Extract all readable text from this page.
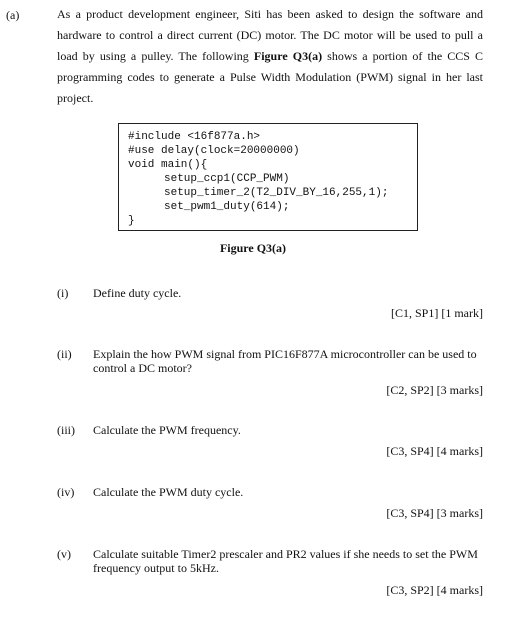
(a)	As a product development engineer, Siti has been asked to design the software and hardware to control a direct current (DC) motor. The DC motor will be used to pull a load by using a pulley. The following Figure Q3(a) shows a portion of the CCS C programming codes to generate a Pulse Width Modulation (PWM) signal in her last project.
#include <16f877a.h>
#use delay(clock=20000000)
void main(){
setup_ccp1(CCP_PWM)
setup_timer_2(T2_DIV_BY_16,255,1);
set_pwm1_duty(614);
}
Figure Q3(a)
(i) Define duty cycle.
[C1, SP1] [1 mark]
(ii) Explain the how PWM signal from PIC16F877A microcontroller can be used to control a DC motor?
[C2, SP2] [3 marks]
(iii) Calculate the PWM frequency.
[C3, SP4] [4 marks]
(iv) Calculate the PWM duty cycle.
[C3, SP4] [3 marks]
(v) Calculate suitable Timer2 prescaler and PR2 values if she needs to set the PWM frequency output to 5kHz.
[C3, SP2] [4 marks]
